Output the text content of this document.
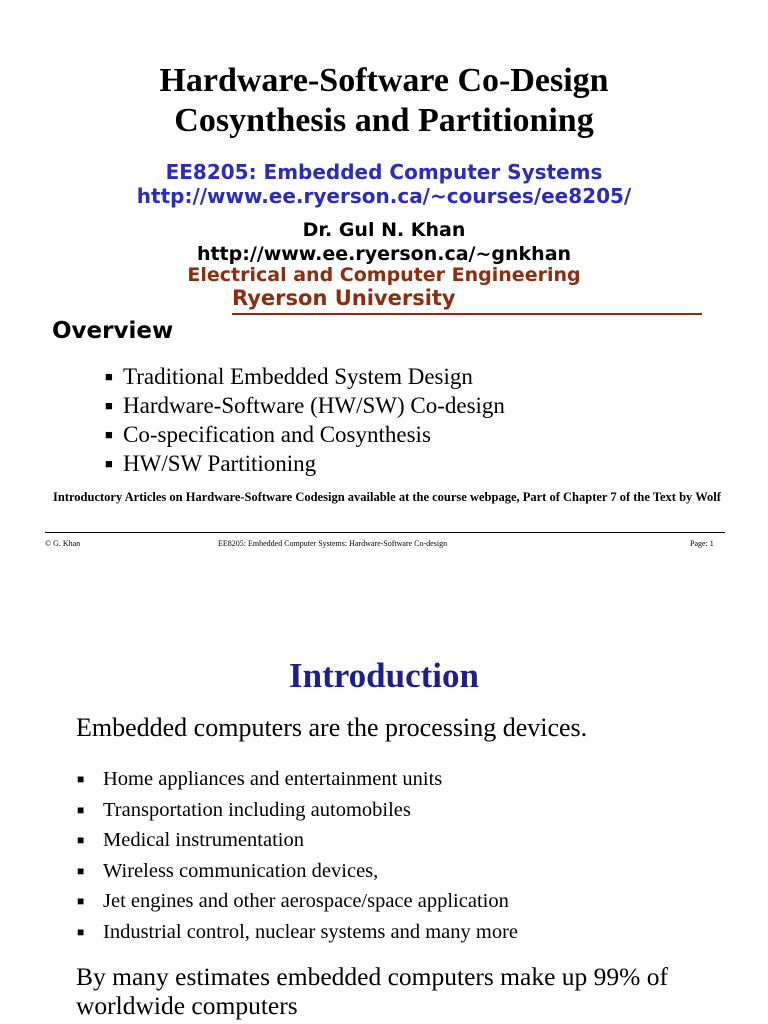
Hardware-Software Co-Design
Cosynthesis and Partitioning
EE8205: Embedded Computer Systems
http://www.ee.ryerson.ca/~courses/ee8205/
Dr. Gul N. Khan
http://www.ee.ryerson.ca/~gnkhan
Electrical and Computer Engineering
Ryerson University
Overview
■ Traditional Embedded System Design
■ Hardware-Software (HW/SW) Co-design
■ Co-specification and Cosynthesis
■ HW/SW Partitioning
Introductory Articles on Hardware-Software Codesign available at the course webpage, Part of Chapter 7 of the Text by Wolf
© G. Khan	EE8205: Embedded Computer Systems: Hardware-Software Co-design	Page: 1
Introduction
Embedded computers are the processing devices.
■ Home appliances and entertainment units
■ Transportation including automobiles
■ Medical instrumentation
■ Wireless communication devices,
■ Jet engines and other aerospace/space application
■ Industrial control, nuclear systems and many more
By many estimates embedded computers make up 99% of worldwide computers
